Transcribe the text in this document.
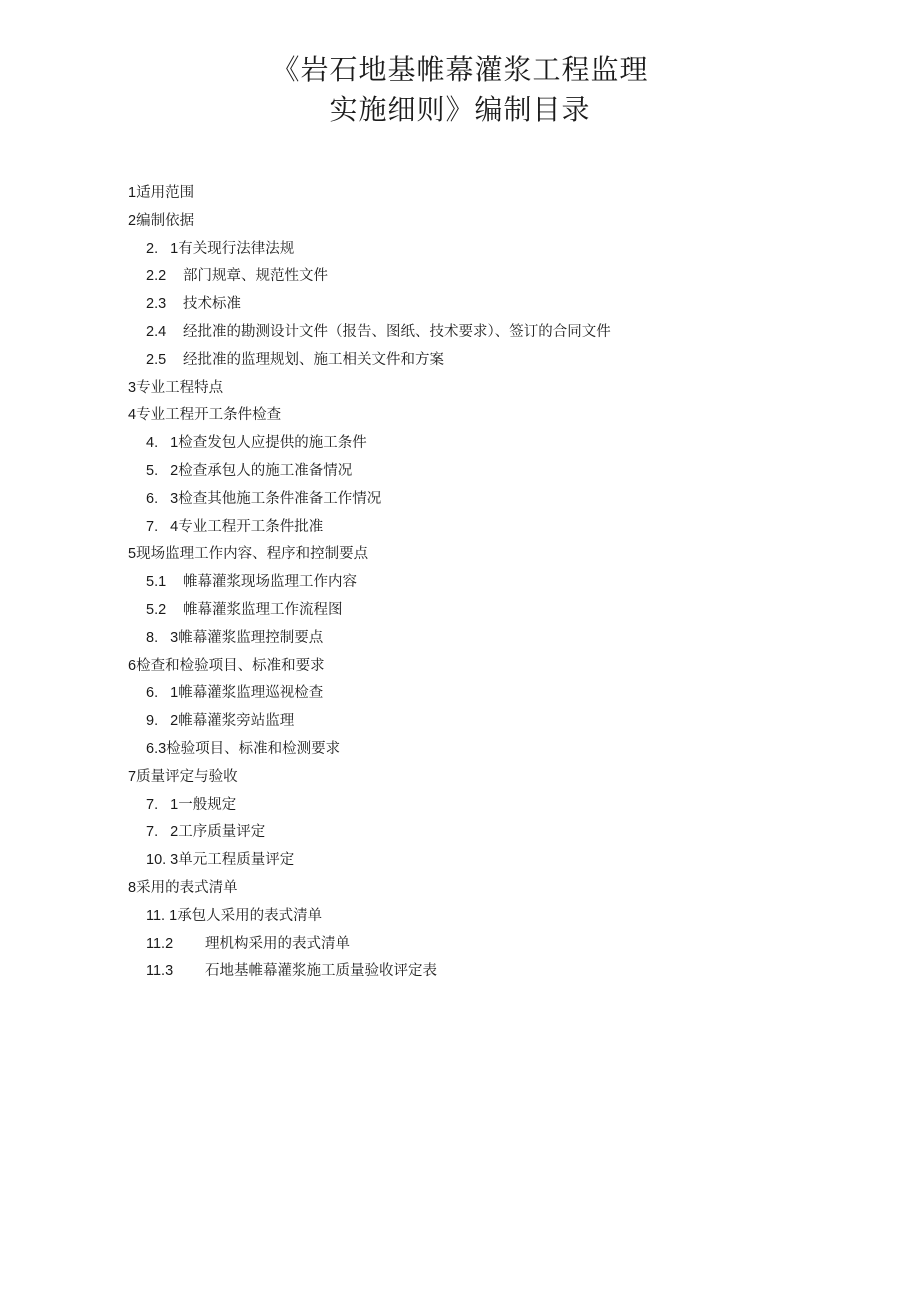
《岩石地基帷幕灌浆工程监理
实施细则》编制目录
1适用范围
2编制依据
2.   1有关现行法律法规
2.2 部门规章、规范性文件
2.3 技术标准
2.4 经批准的勘测设计文件（报告、图纸、技术要求）、签订的合同文件
2.5 经批准的监理规划、施工相关文件和方案
3专业工程特点
4专业工程开工条件检查
4.   1检查发包人应提供的施工条件
5.   2检查承包人的施工准备情况
6.   3检查其他施工条件准备工作情况
7.   4专业工程开工条件批准
5现场监理工作内容、程序和控制要点
5.1 帷幕灌浆现场监理工作内容
5.2 帷幕灌浆监理工作流程图
8.   3帷幕灌浆监理控制要点
6检查和检验项目、标准和要求
6.   1帷幕灌浆监理巡视检查
9.   2帷幕灌浆旁站监理
6.3检验项目、标准和检测要求
7质量评定与验收
7.   1一般规定
7.   2工序质量评定
10. 3单元工程质量评定
8采用的表式清单
11. 1承包人采用的表式清单
11.2 理机构采用的表式清单
11.3 石地基帷幕灌浆施工质量验收评定表
